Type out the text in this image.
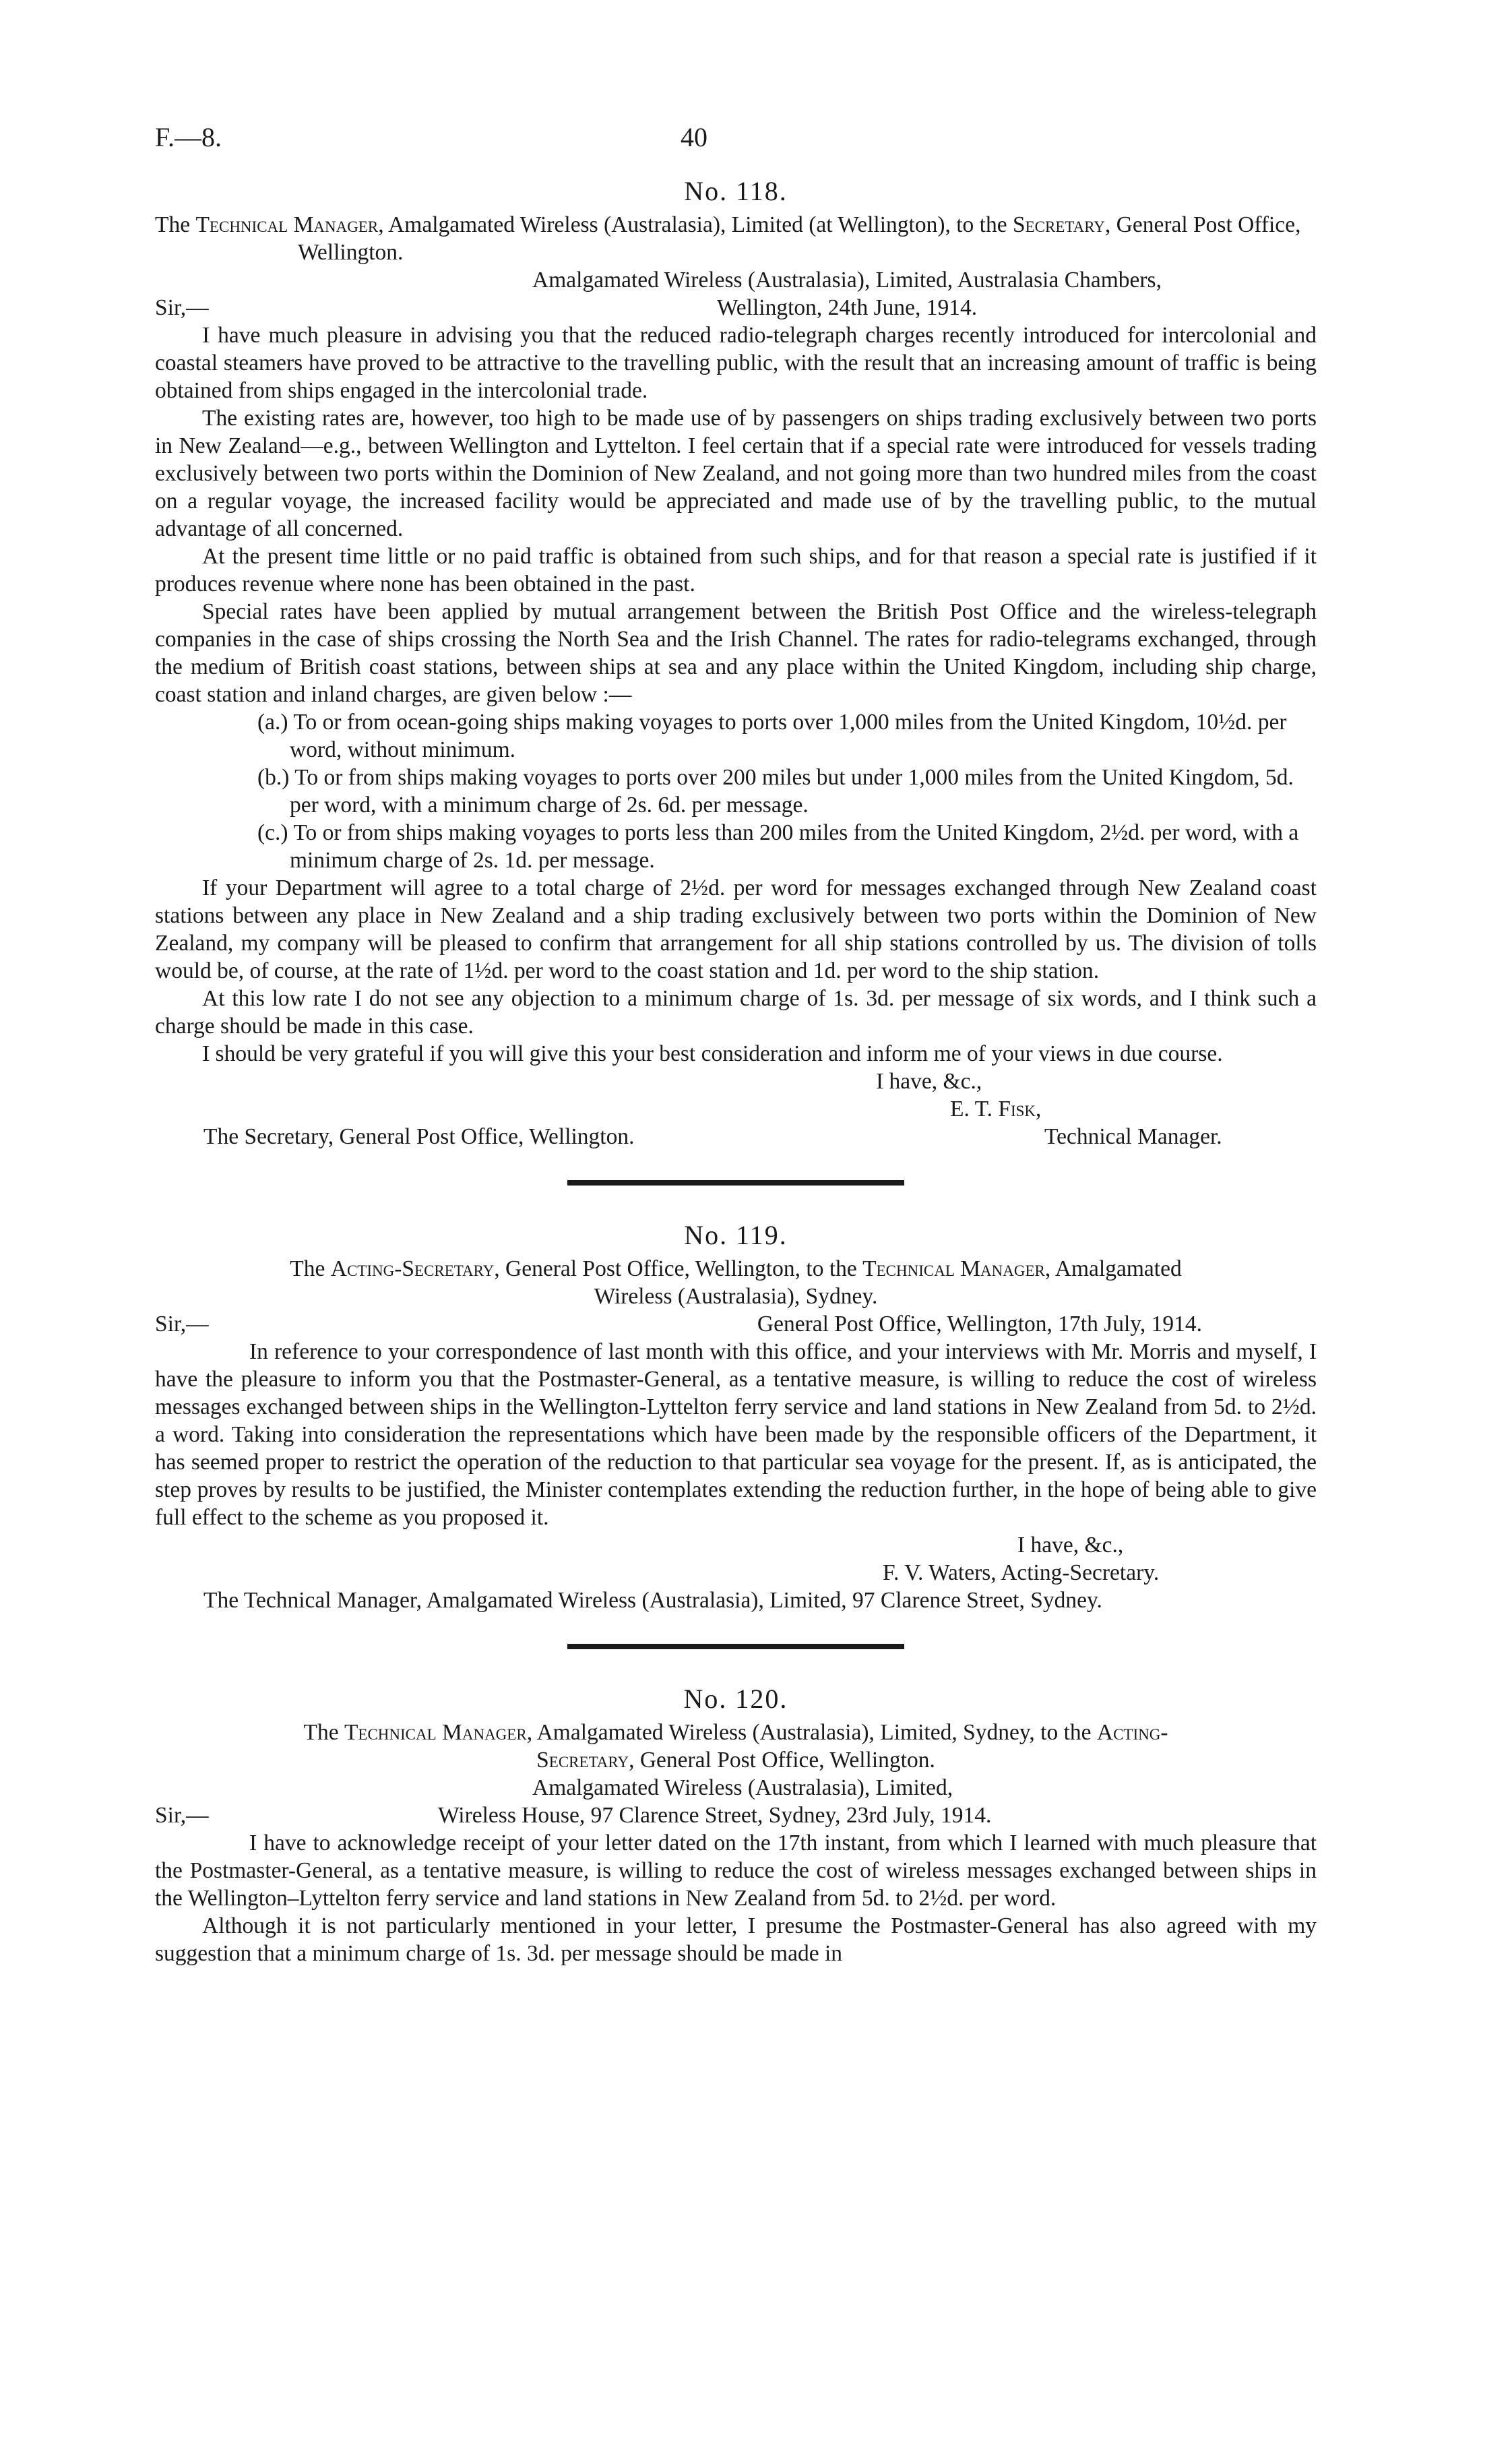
F.—8.	40
No. 118.

The Technical Manager, Amalgamated Wireless (Australasia), Limited (at Wellington), to the Secretary, General Post Office, Wellington.

Sir,—
Amalgamated Wireless (Australasia), Limited, Australasia Chambers,
Wellington, 24th June, 1914.

I have much pleasure in advising you that the reduced radio-telegraph charges recently introduced for intercolonial and coastal steamers have proved to be attractive to the travelling public, with the result that an increasing amount of traffic is being obtained from ships engaged in the intercolonial trade.

The existing rates are, however, too high to be made use of by passengers on ships trading exclusively between two ports in New Zealand—e.g., between Wellington and Lyttelton. I feel certain that if a special rate were introduced for vessels trading exclusively between two ports within the Dominion of New Zealand, and not going more than two hundred miles from the coast on a regular voyage, the increased facility would be appreciated and made use of by the travelling public, to the mutual advantage of all concerned.

At the present time little or no paid traffic is obtained from such ships, and for that reason a special rate is justified if it produces revenue where none has been obtained in the past.

Special rates have been applied by mutual arrangement between the British Post Office and the wireless-telegraph companies in the case of ships crossing the North Sea and the Irish Channel. The rates for radio-telegrams exchanged, through the medium of British coast stations, between ships at sea and any place within the United Kingdom, including ship charge, coast station and inland charges, are given below :—

(a.) To or from ocean-going ships making voyages to ports over 1,000 miles from the United Kingdom, 10½d. per word, without minimum.

(b.) To or from ships making voyages to ports over 200 miles but under 1,000 miles from the United Kingdom, 5d. per word, with a minimum charge of 2s. 6d. per message.

(c.) To or from ships making voyages to ports less than 200 miles from the United Kingdom, 2½d. per word, with a minimum charge of 2s. 1d. per message.

If your Department will agree to a total charge of 2½d. per word for messages exchanged through New Zealand coast stations between any place in New Zealand and a ship trading exclusively between two ports within the Dominion of New Zealand, my company will be pleased to confirm that arrangement for all ship stations controlled by us. The division of tolls would be, of course, at the rate of 1½d. per word to the coast station and 1d. per word to the ship station.

At this low rate I do not see any objection to a minimum charge of 1s. 3d. per message of six words, and I think such a charge should be made in this case.

I should be very grateful if you will give this your best consideration and inform me of your views in due course.

I have, &c.,
E. T. Fisk,
The Secretary, General Post Office, Wellington.	Technical Manager.
No. 119.

The Acting-Secretary, General Post Office, Wellington, to the Technical Manager, Amalgamated
Wireless (Australasia), Sydney.

Sir,—	General Post Office, Wellington, 17th July, 1914.

In reference to your correspondence of last month with this office, and your interviews with Mr. Morris and myself, I have the pleasure to inform you that the Postmaster-General, as a tentative measure, is willing to reduce the cost of wireless messages exchanged between ships in the Wellington-Lyttelton ferry service and land stations in New Zealand from 5d. to 2½d. a word. Taking into consideration the representations which have been made by the responsible officers of the Department, it has seemed proper to restrict the operation of the reduction to that particular sea voyage for the present. If, as is anticipated, the step proves by results to be justified, the Minister contemplates extending the reduction further, in the hope of being able to give full effect to the scheme as you proposed it.

I have, &c.,
F. V. Waters, Acting-Secretary.
The Technical Manager, Amalgamated Wireless (Australasia), Limited, 97 Clarence Street, Sydney.
No. 120.

The Technical Manager, Amalgamated Wireless (Australasia), Limited, Sydney, to the Acting-
Secretary, General Post Office, Wellington.

Sir,—
Amalgamated Wireless (Australasia), Limited,
Wireless House, 97 Clarence Street, Sydney, 23rd July, 1914.

I have to acknowledge receipt of your letter dated on the 17th instant, from which I learned with much pleasure that the Postmaster-General, as a tentative measure, is willing to reduce the cost of wireless messages exchanged between ships in the Wellington–Lyttelton ferry service and land stations in New Zealand from 5d. to 2½d. per word.

Although it is not particularly mentioned in your letter, I presume the Postmaster-General has also agreed with my suggestion that a minimum charge of 1s. 3d. per message should be made in
